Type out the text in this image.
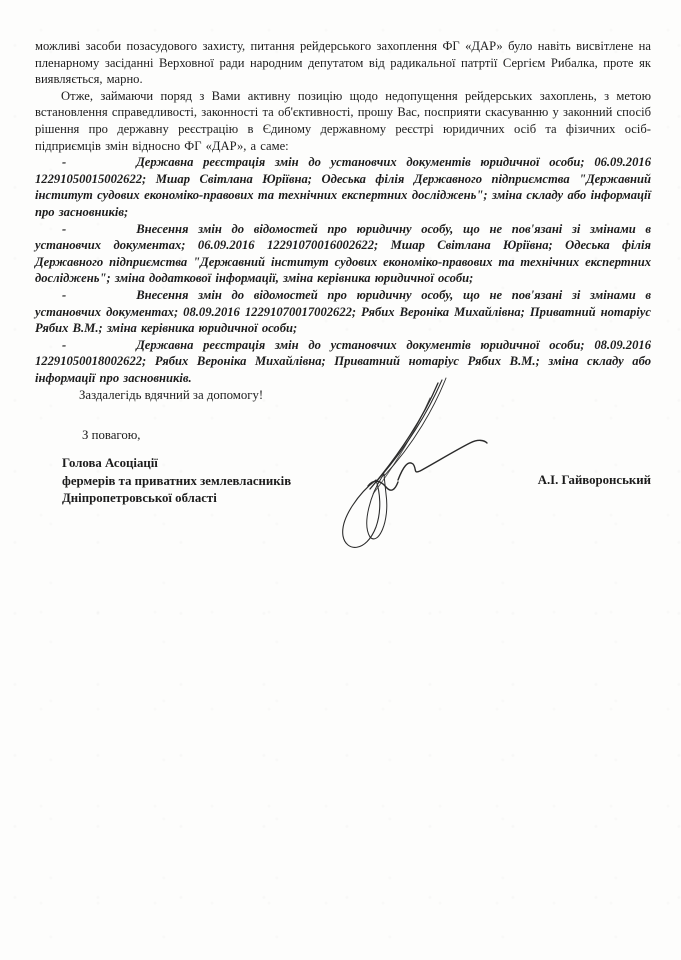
можливі засоби позасудового захисту, питання рейдерського захоплення ФГ «ДАР» було навіть висвітлене на пленарному засіданні Верховної ради народним депутатом від радикальної патртії Сергієм Рибалка, проте як виявляється, марно.

Отже, займаючи поряд з Вами активну позицію щодо недопущення рейдерських захоплень, з метою встановлення справедливості, законності та об'єктивності, прошу Вас, посприяти скасуванню у законний спосіб рішення про державну реєстрацію в Єдиному державному реєстрі юридичних осіб та фізичних осіб-підприємців змін відносно ФГ «ДАР», а саме:

-	Державна реєстрація змін до установчих документів юридичної особи; 06.09.2016 12291050015002622; Мшар Світлана Юріївна; Одеська філія Державного підприємства "Державний інститут судових економіко-правових та технічних експертних досліджень"; зміна складу або інформації про засновників;

-	Внесення змін до відомостей про юридичну особу, що не пов'язані зі змінами в установчих документах; 06.09.2016 12291070016002622; Мшар Світлана Юріївна; Одеська філія Державного підприємства "Державний інститут судових економіко-правових та технічних експертних досліджень"; зміна додаткової інформації, зміна керівника юридичної особи;

-	Внесення змін до відомостей про юридичну особу, що не пов'язані зі змінами в установчих документах; 08.09.2016 12291070017002622; Рябих Вероніка Михайлівна; Приватний нотаріус Рябих В.М.; зміна керівника юридичної особи;

-	Державна реєстрація змін до установчих документів юридичної особи; 08.09.2016 12291050018002622; Рябих Вероніка Михайлівна; Приватний нотаріус Рябих В.М.; зміна складу або інформації про засновників.

Заздалегідь вдячний за допомогу!

З повагою,

Голова Асоціації
фермерів та приватних землевласників
Дніпропетровської області
А.І. Гайворонський
